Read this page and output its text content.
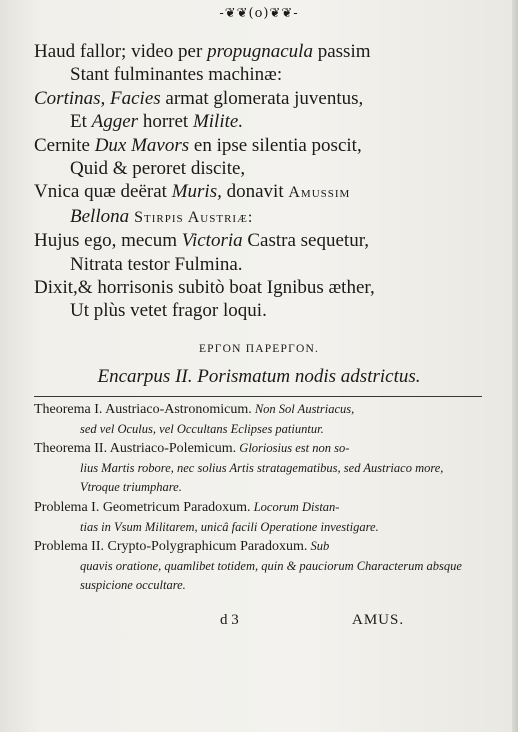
-❦❦(o)❦❦-
Haud fallor; video per propugnacula passim
Stant fulminantes machinæ:
Cortinas, Facies armat glomerata juventus,
Et Agger horret Milite.
Cernite Dux Mavors en ipse silentia poscit,
Quid & peroret discite,
Vnica quæ deërat Muris, donavit Amussim
Bellona Stirpis Austriæ:
Hujus ego, mecum Victoria Castra sequetur,
Nitrata testor Fulmina.
Dixit,& horrisonis subitò boat Ignibus æther,
Ut plùs vetet fragor loqui.
ΕΡΓΟΝ ΠΑΡΕΡΓΟΝ.
Encarpus II. Porismatum nodis adstrictus.
Theorema I. Austriaco-Astronomicum. Non Sol Austriacus,
sed vel Oculus, vel Occultans Eclipses patiuntur.
Theorema II. Austriaco-Polemicum. Gloriosius est non so-
lius Martis robore, nec solius Artis stratagematibus, sed Austriaco more, Vtroque triumphare.
Problema I. Geometricum Paradoxum. Locorum Distan-
tias in Vsum Militarem, unicâ facili Operatione investigare.
Problema II. Crypto-Polygraphicum Paradoxum. Sub
quavis oratione, quamlibet totidem, quin & pauciorum Characterum absque suspicione occultare.
d 3	AMUS.
